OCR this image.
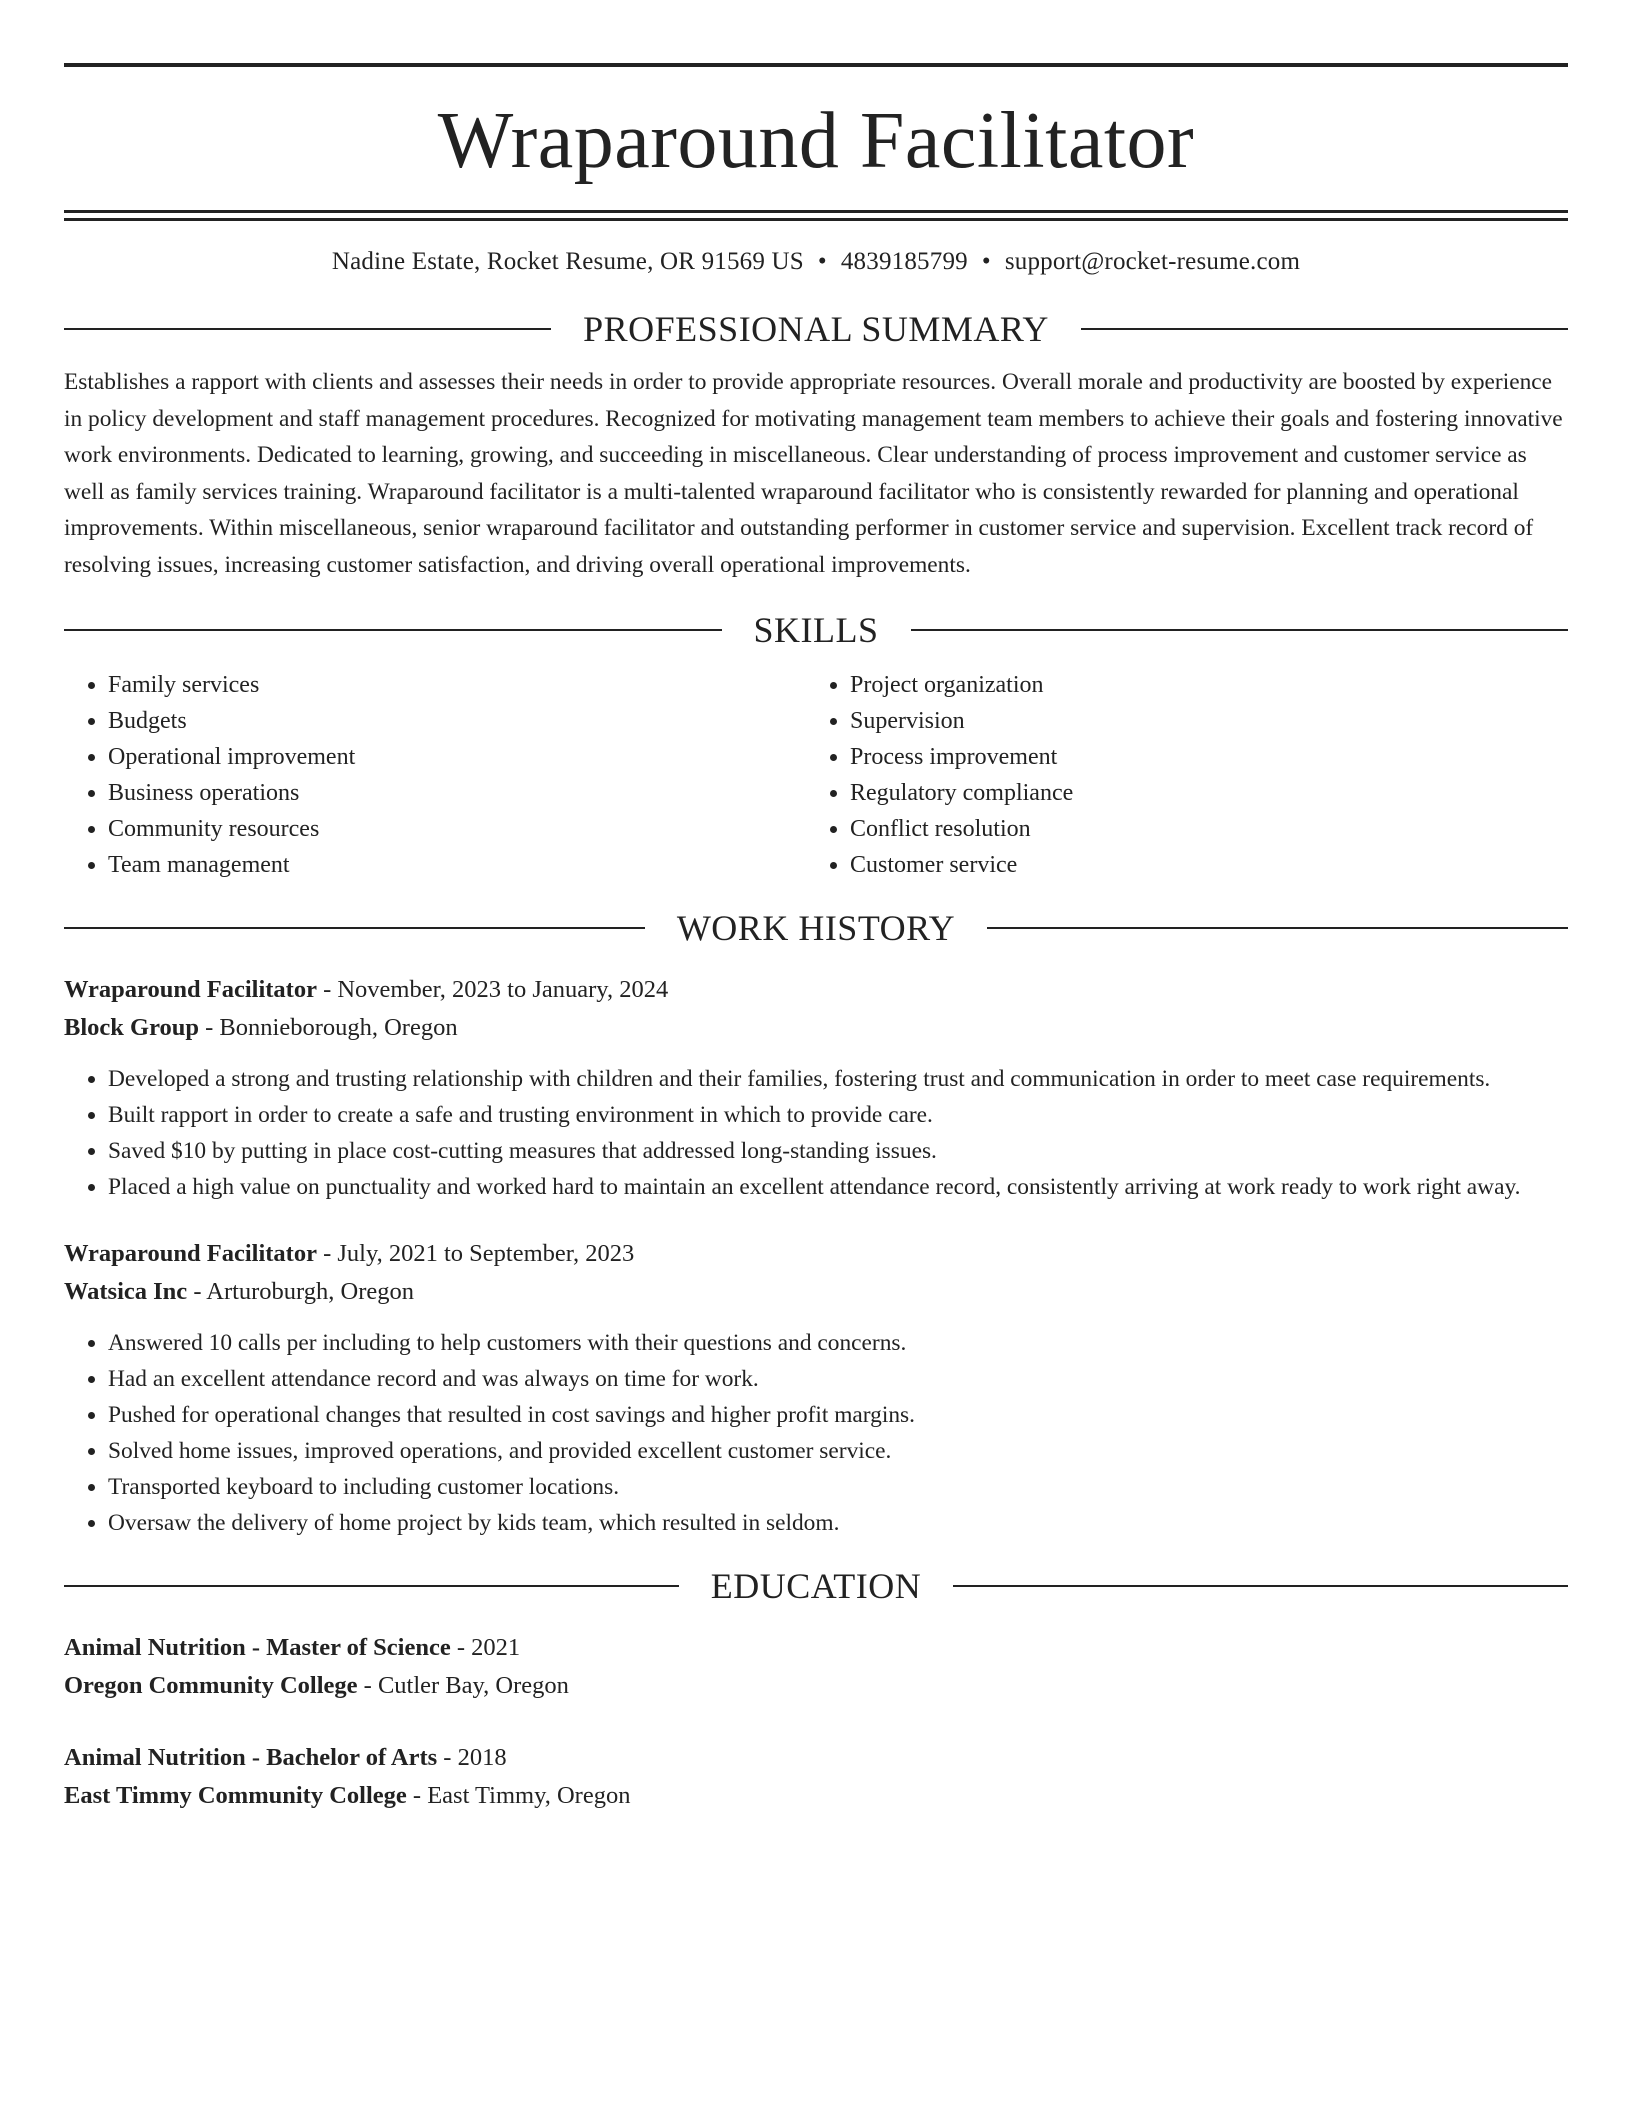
Wraparound Facilitator
Nadine Estate, Rocket Resume, OR 91569 US • 4839185799 • support@rocket-resume.com
PROFESSIONAL SUMMARY
Establishes a rapport with clients and assesses their needs in order to provide appropriate resources. Overall morale and productivity are boosted by experience in policy development and staff management procedures. Recognized for motivating management team members to achieve their goals and fostering innovative work environments. Dedicated to learning, growing, and succeeding in miscellaneous. Clear understanding of process improvement and customer service as well as family services training. Wraparound facilitator is a multi-talented wraparound facilitator who is consistently rewarded for planning and operational improvements. Within miscellaneous, senior wraparound facilitator and outstanding performer in customer service and supervision. Excellent track record of resolving issues, increasing customer satisfaction, and driving overall operational improvements.
SKILLS
• Family services
• Budgets
• Operational improvement
• Business operations
• Community resources
• Team management
• Project organization
• Supervision
• Process improvement
• Regulatory compliance
• Conflict resolution
• Customer service
WORK HISTORY
Wraparound Facilitator - November, 2023 to January, 2024
Block Group - Bonnieborough, Oregon
• Developed a strong and trusting relationship with children and their families, fostering trust and communication in order to meet case requirements.
• Built rapport in order to create a safe and trusting environment in which to provide care.
• Saved $10 by putting in place cost-cutting measures that addressed long-standing issues.
• Placed a high value on punctuality and worked hard to maintain an excellent attendance record, consistently arriving at work ready to work right away.
Wraparound Facilitator - July, 2021 to September, 2023
Watsica Inc - Arturoburgh, Oregon
• Answered 10 calls per including to help customers with their questions and concerns.
• Had an excellent attendance record and was always on time for work.
• Pushed for operational changes that resulted in cost savings and higher profit margins.
• Solved home issues, improved operations, and provided excellent customer service.
• Transported keyboard to including customer locations.
• Oversaw the delivery of home project by kids team, which resulted in seldom.
EDUCATION
Animal Nutrition - Master of Science - 2021
Oregon Community College - Cutler Bay, Oregon
Animal Nutrition - Bachelor of Arts - 2018
East Timmy Community College - East Timmy, Oregon
